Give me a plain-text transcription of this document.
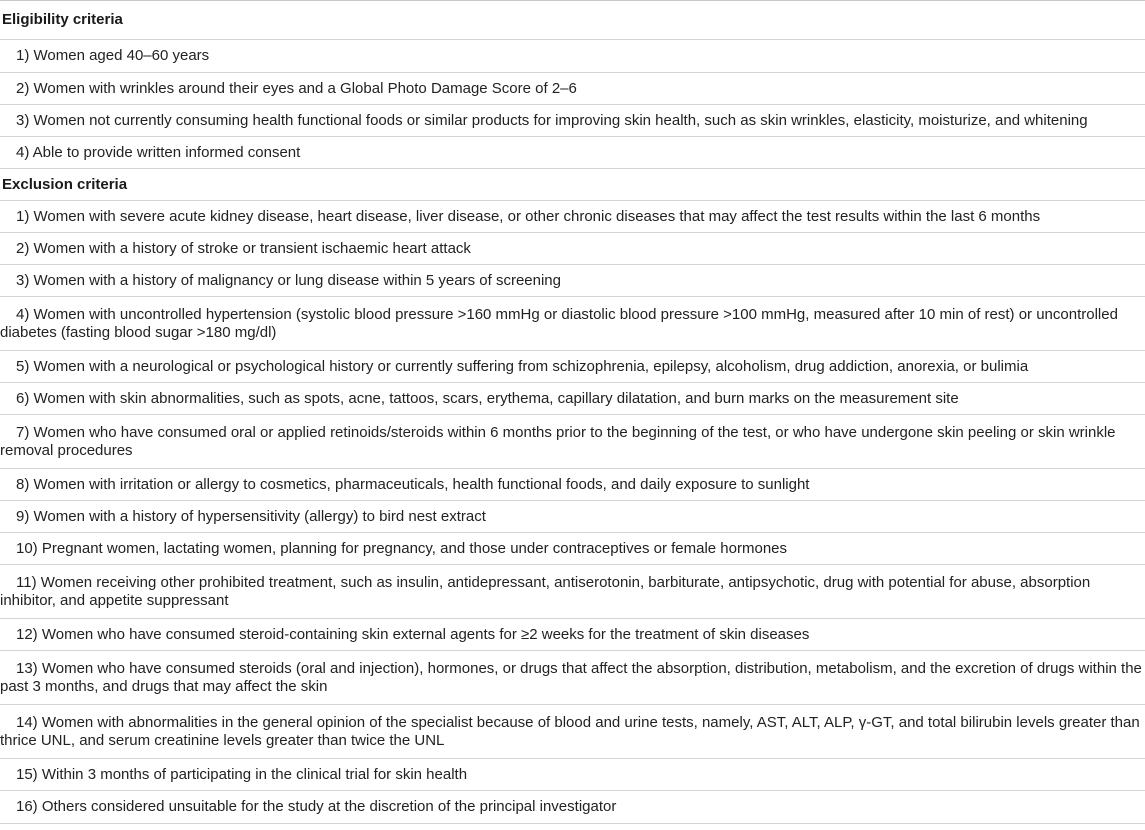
Eligibility criteria
1) Women aged 40–60 years
2) Women with wrinkles around their eyes and a Global Photo Damage Score of 2–6
3) Women not currently consuming health functional foods or similar products for improving skin health, such as skin wrinkles, elasticity, moisturize, and whitening
4) Able to provide written informed consent
Exclusion criteria
1) Women with severe acute kidney disease, heart disease, liver disease, or other chronic diseases that may affect the test results within the last 6 months
2) Women with a history of stroke or transient ischaemic heart attack
3) Women with a history of malignancy or lung disease within 5 years of screening
4) Women with uncontrolled hypertension (systolic blood pressure >160 mmHg or diastolic blood pressure >100 mmHg, measured after 10 min of rest) or uncontrolled diabetes (fasting blood sugar >180 mg/dl)
5) Women with a neurological or psychological history or currently suffering from schizophrenia, epilepsy, alcoholism, drug addiction, anorexia, or bulimia
6) Women with skin abnormalities, such as spots, acne, tattoos, scars, erythema, capillary dilatation, and burn marks on the measurement site
7) Women who have consumed oral or applied retinoids/steroids within 6 months prior to the beginning of the test, or who have undergone skin peeling or skin wrinkle removal procedures
8) Women with irritation or allergy to cosmetics, pharmaceuticals, health functional foods, and daily exposure to sunlight
9) Women with a history of hypersensitivity (allergy) to bird nest extract
10) Pregnant women, lactating women, planning for pregnancy, and those under contraceptives or female hormones
11) Women receiving other prohibited treatment, such as insulin, antidepressant, antiserotonin, barbiturate, antipsychotic, drug with potential for abuse, absorption inhibitor, and appetite suppressant
12) Women who have consumed steroid-containing skin external agents for ≥2 weeks for the treatment of skin diseases
13) Women who have consumed steroids (oral and injection), hormones, or drugs that affect the absorption, distribution, metabolism, and the excretion of drugs within the past 3 months, and drugs that may affect the skin
14) Women with abnormalities in the general opinion of the specialist because of blood and urine tests, namely, AST, ALT, ALP, γ-GT, and total bilirubin levels greater than thrice UNL, and serum creatinine levels greater than twice the UNL
15) Within 3 months of participating in the clinical trial for skin health
16) Others considered unsuitable for the study at the discretion of the principal investigator
